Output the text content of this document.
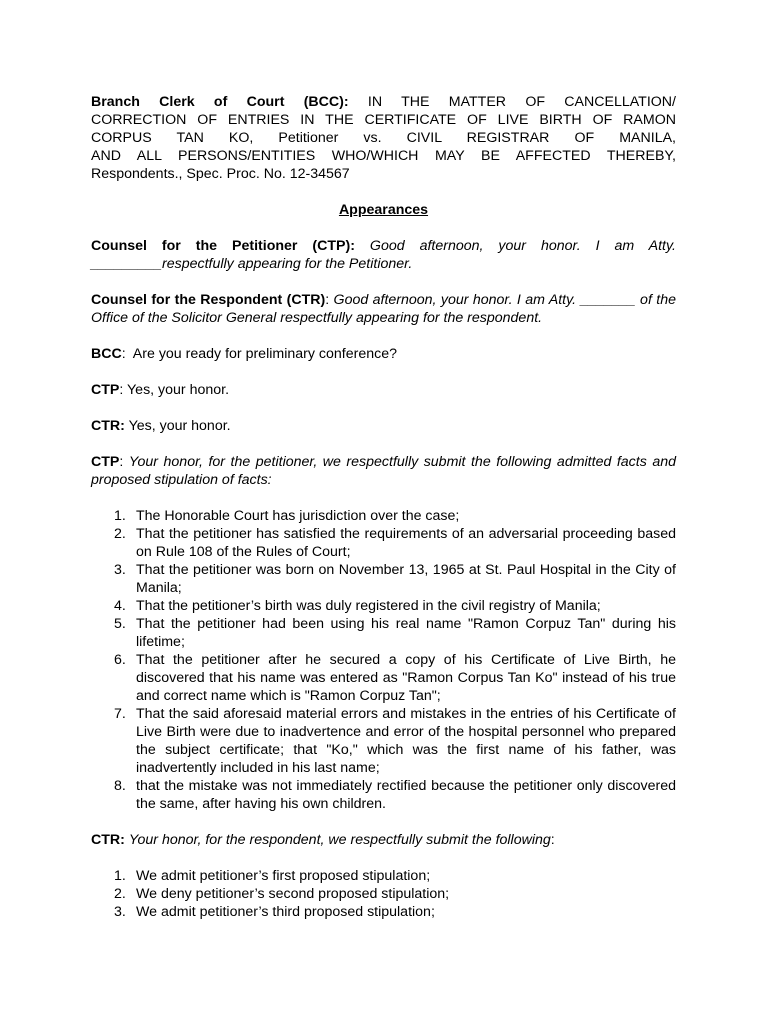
Branch Clerk of Court (BCC): IN THE MATTER OF CANCELLATION/
CORRECTION OF ENTRIES IN THE CERTIFICATE OF LIVE BIRTH OF RAMON
CORPUS TAN KO, Petitioner vs. CIVIL REGISTRAR OF MANILA,
AND ALL PERSONS/ENTITIES WHO/WHICH MAY BE AFFECTED THEREBY,
Respondents., Spec. Proc. No. 12-34567
Appearances

Counsel for the Petitioner (CTP): Good afternoon, your honor. I am Atty. _________respectfully appearing for the Petitioner.

Counsel for the Respondent (CTR): Good afternoon, your honor. I am Atty. _______ of the Office of the Solicitor General respectfully appearing for the respondent.

BCC:  Are you ready for preliminary conference?

CTP: Yes, your honor.

CTR: Yes, your honor.

CTP: Your honor, for the petitioner, we respectfully submit the following admitted facts and proposed stipulation of facts:

1. The Honorable Court has jurisdiction over the case;
2. That the petitioner has satisfied the requirements of an adversarial proceeding based on Rule 108 of the Rules of Court;
3. That the petitioner was born on November 13, 1965 at St. Paul Hospital in the City of Manila;
4. That the petitioner’s birth was duly registered in the civil registry of Manila;
5. That the petitioner had been using his real name "Ramon Corpuz Tan" during his lifetime;
6. That the petitioner after he secured a copy of his Certificate of Live Birth, he discovered that his name was entered as "Ramon Corpus Tan Ko" instead of his true and correct name which is "Ramon Corpuz Tan";
7. That the said aforesaid material errors and mistakes in the entries of his Certificate of Live Birth were due to inadvertence and error of the hospital personnel who prepared the subject certificate; that "Ko," which was the first name of his father, was inadvertently included in his last name;
8. that the mistake was not immediately rectified because the petitioner only discovered the same, after having his own children.

CTR: Your honor, for the respondent, we respectfully submit the following:

1. We admit petitioner’s first proposed stipulation;
2. We deny petitioner’s second proposed stipulation;
3. We admit petitioner’s third proposed stipulation;
